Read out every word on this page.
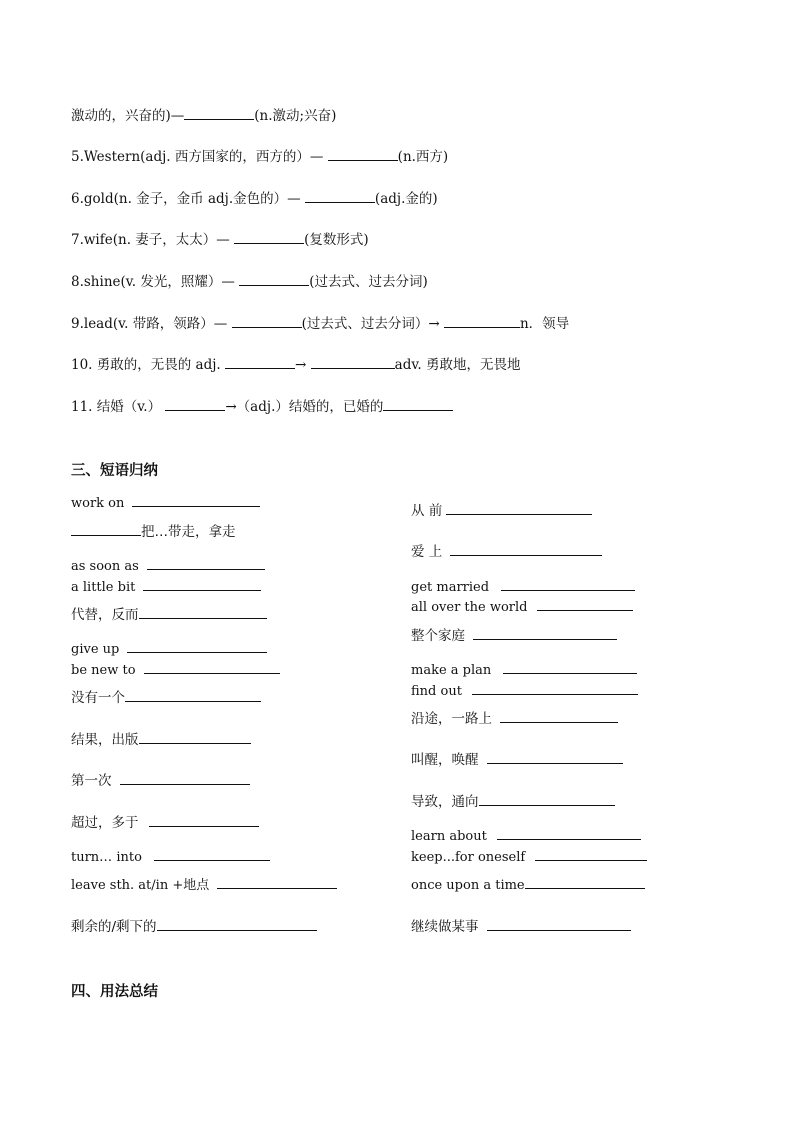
激动的，兴奋的)—	(n.激动;兴奋)
5.Western(adj. 西方国家的，西方的）—	(n.西方)
6.gold(n. 金子，金币 adj.金色的）—	(adj.金的)
7.wife(n. 妻子，太太）—	(复数形式)
8.shine(v. 发光，照耀）—	(过去式、过去分词)
9.lead(v. 带路，领路）—	(过去式、过去分词）→	n．领导
10. 勇敢的，无畏的 adj.	→	adv. 勇敢地，无畏地
11. 结婚（v.）	→（adj.）结婚的，已婚的
三、短语归纳
work on
把…带走，拿走
as soon as
a little bit
代替，反而
give up
be new to
没有一个
结果，出版
第一次
超过，多于
turn… into
leave sth. at/in +地点
剩余的/剩下的
从 前
爱 上
get married
all over the world
整个家庭
make a plan
find out
沿途，一路上
叫醒，唤醒
导致，通向
learn about
keep...for oneself
once upon a time
继续做某事
四、用法总结
